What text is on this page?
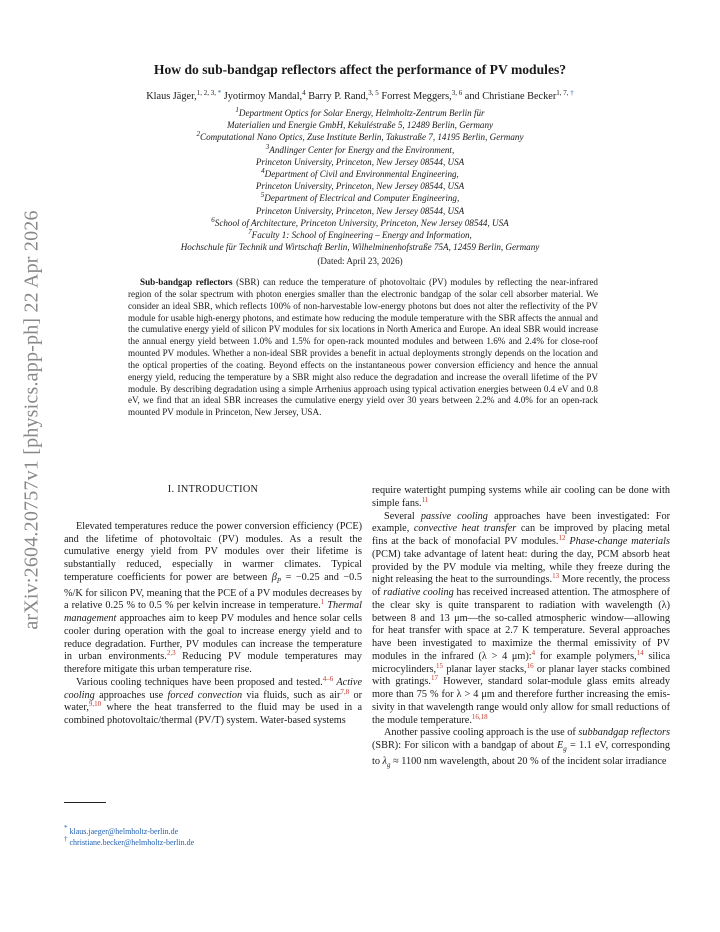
arXiv:2604.20757v1 [physics.app-ph] 22 Apr 2026
How do sub-bandgap reflectors affect the performance of PV modules?
Klaus Jäger,$^{1, 2, 3,}$ * Jyotirmoy Mandal,$^4$ Barry P. Rand,$^{3, 5}$ Forrest Meggers,$^{3, 6}$ and Christiane Becker$^{1, 7,}$ †
$^1$Department Optics for Solar Energy, Helmholtz-Zentrum Berlin für
Materialien und Energie GmbH, Kekuléstraße 5, 12489 Berlin, Germany
$^2$Computational Nano Optics, Zuse Institute Berlin, Takustraße 7, 14195 Berlin, Germany
$^3$Andlinger Center for Energy and the Environment,
Princeton University, Princeton, New Jersey 08544, USA
$^4$Department of Civil and Environmental Engineering,
Princeton University, Princeton, New Jersey 08544, USA
$^5$Department of Electrical and Computer Engineering,
Princeton University, Princeton, New Jersey 08544, USA
$^6$School of Architecture, Princeton University, Princeton, New Jersey 08544, USA
$^7$Faculty 1: School of Engineering – Energy and Information,
Hochschule für Technik und Wirtschaft Berlin, Wilhelminenhofstraße 75A, 12459 Berlin, Germany
(Dated: April 23, 2026)

Sub-bandgap reflectors (SBR) can reduce the temperature of photovoltaic (PV) modules by reflecting the near-infrared region of the solar spectrum with photon energies smaller than the electronic bandgap of the solar cell absorber material. We consider an ideal SBR, which reflects 100% of non-harvestable low-energy photons but does not alter the reflectivity of the PV module for usable high-energy photons, and estimate how reducing the module temperature with the SBR affects the annual and the cumulative energy yield of silicon PV modules for six locations in North America and Europe. An ideal SBR would increase the annual energy yield between 1.0% and 1.5% for open-rack mounted modules and between 1.6% and 2.4% for close-roof mounted PV modules. Whether a non-ideal SBR provides a benefit in actual deployments strongly depends on the location and the optical properties of the coating. Beyond effects on the instantaneous power conversion efficiency and hence the annual energy yield, reducing the temperature by a SBR might also reduce the degradation and increase the overall lifetime of the PV module. By describing degradation using a simple Arrhenius approach using typical activation energies between 0.4 eV and 0.8 eV, we find that an ideal SBR increases the cumulative energy yield over 30 years between 2.2% and 4.0% for an open-rack mounted PV module in Princeton, New Jersey, USA.

I. INTRODUCTION

Elevated temperatures reduce the power conversion efficiency (PCE) and the lifetime of photovoltaic (PV) modules. As a result the cumulative energy yield from PV modules over their lifetime is substantially reduced, especially in warmer climates. Typical temperature coefficients for power are between $\beta_P = -0.25$ and −0.5 %/K for silicon PV, meaning that the PCE of a PV modules decreases by a relative 0.25 % to 0.5 % per kelvin increase in temperature.$^1$ Thermal management approaches aim to keep PV modules and hence solar cells cooler during operation with the goal to increase energy yield and to reduce degradation. Further, PV modules can increase the temperature in urban environments.$^{2,3}$ Reducing PV module temperatures may therefore mitigate this urban temperature rise.

Various cooling techniques have been proposed and tested.$^{4-6}$ Active cooling approaches use forced convection via fluids, such as air$^{7,8}$ or water,$^{9,10}$ where the heat transferred to the fluid may be used in a combined photovoltaic/thermal (PV/T) system. Water-based systems

require watertight pumping systems while air cooling can be done with simple fans.$^{11}$

Several passive cooling approaches have been investigated: For example, convective heat transfer can be improved by placing metal fins at the back of monofacial PV modules.$^{12}$ Phase-change materials (PCM) take advantage of latent heat: during the day, PCM absorb heat provided by the PV module via melting, while they freeze during the night releasing the heat to the surroundings.$^{13}$ More recently, the process of radiative cooling has received increased attention. The atmosphere of the clear sky is quite transparent to radiation with wavelength (λ) between 8 and 13 μm—the so-called atmospheric window—allowing for heat transfer with space at 2.7 K temperature. Several approaches have been investigated to maximize the thermal emissivity of PV modules in the infrared (λ > 4 μm):$^4$ for example polymers,$^{14}$ silica microcylinders,$^{15}$ planar layer stacks,$^{16}$ or planar layer stacks combined with gratings.$^{17}$ However, standard solar-module glass emits already more than 75 % for λ > 4 μm and therefore further increasing the emissivity in that wavelength range would only allow for small reductions of the module temperature.$^{16,18}$

Another passive cooling approach is the use of subbandgap reflectors (SBR): For silicon with a bandgap of about $E_g = 1.1$ eV, corresponding to $\lambda_g \approx 1100$ nm wavelength, about 20 % of the incident solar irradiance

* klaus.jaeger@helmholtz-berlin.de
† christiane.becker@helmholtz-berlin.de
